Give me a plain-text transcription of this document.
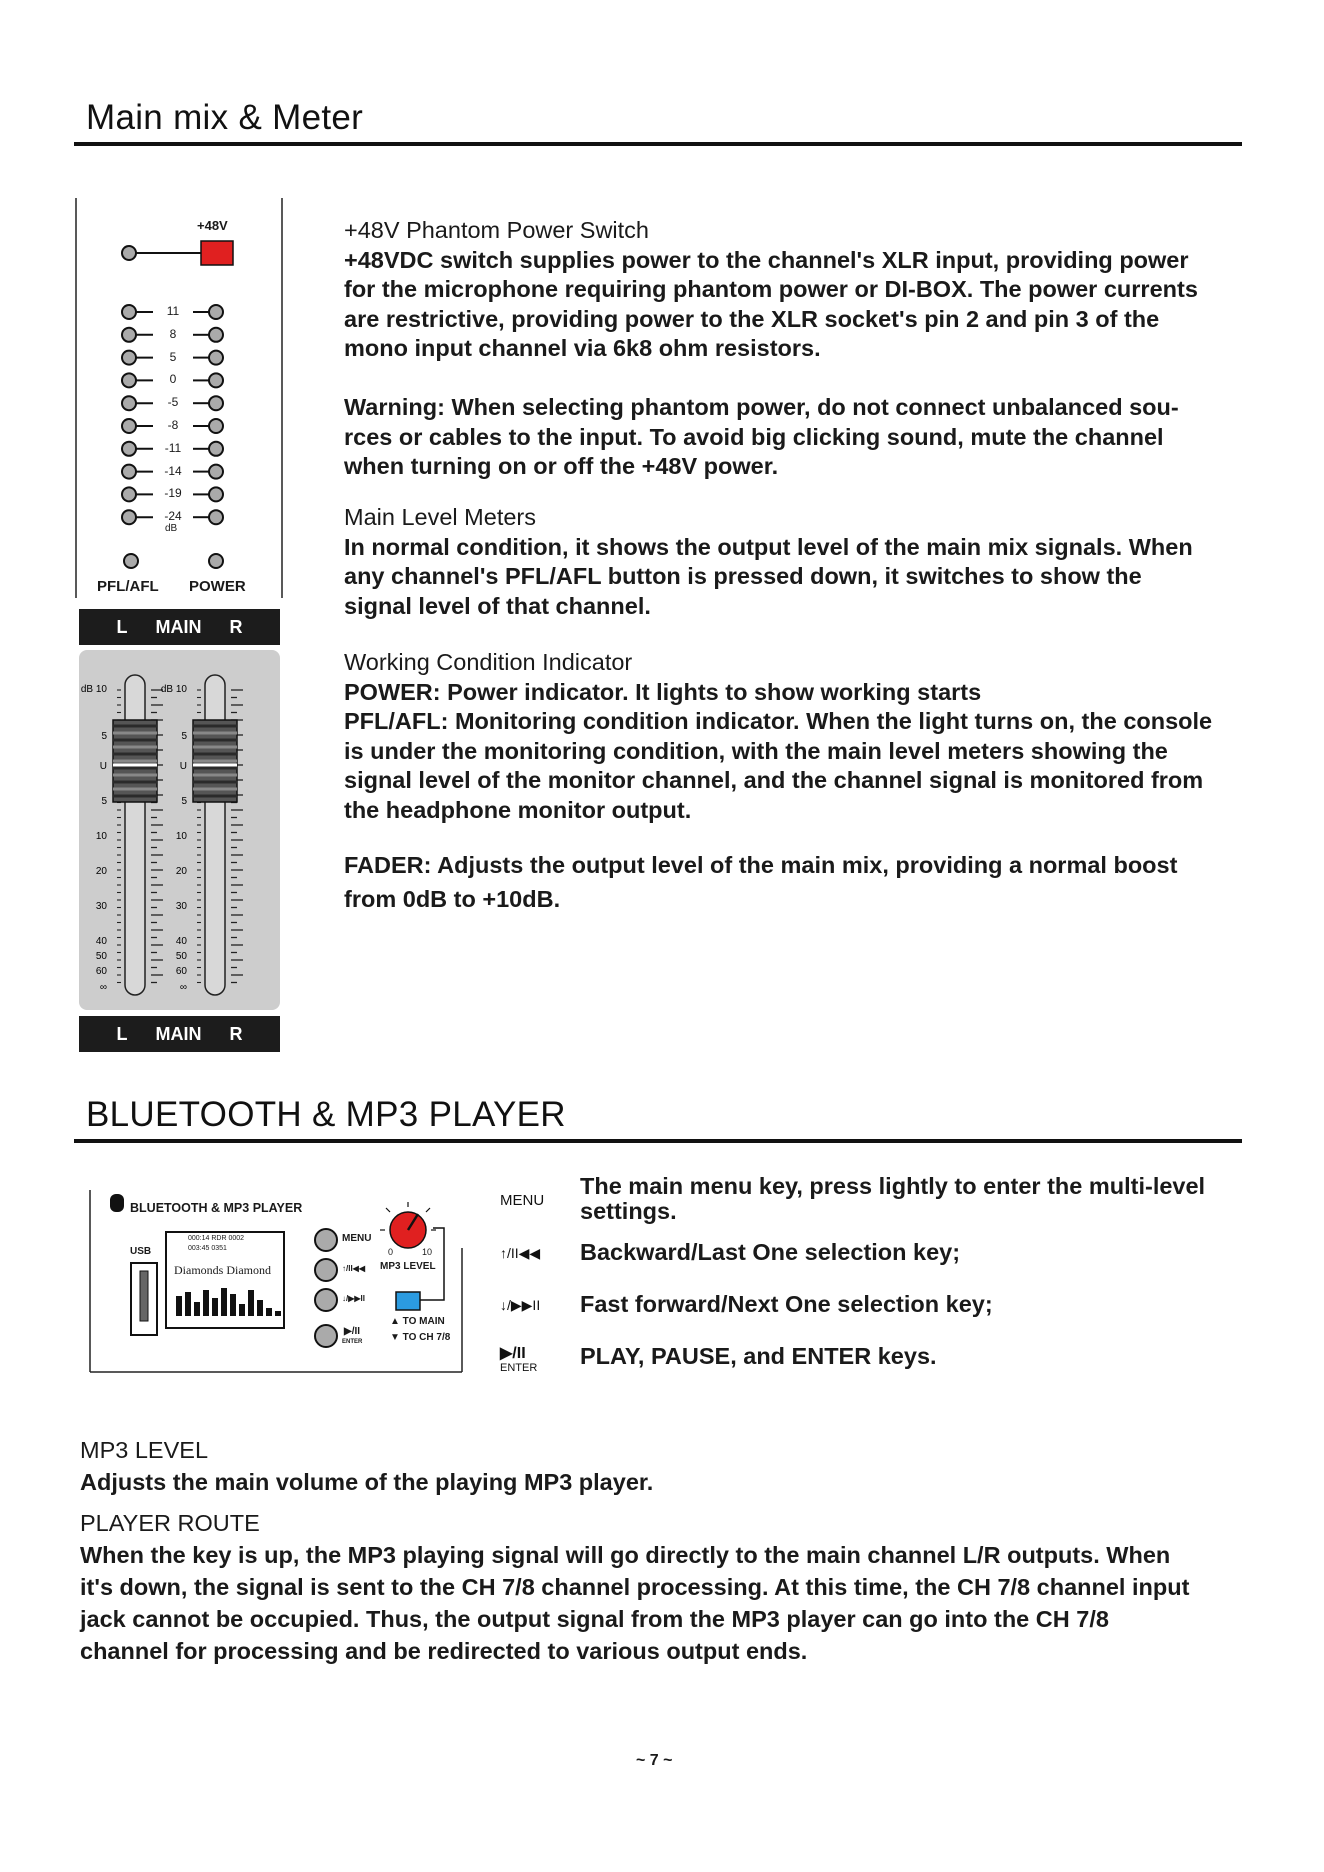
Main mix & Meter
+48V
dB
PFL/AFL POWER
11
8
5
0
-5
-8
-11
-14
-19
-24
L MAIN R
dB 10
5
U
5
10
20
30
40
50
60
∞
dB 10
5
U
5
10
20
30
40
50
60
∞
L MAIN R
+48V Phantom Power Switch
+48VDC switch supplies power to the channel's XLR input, providing power
for the microphone requiring phantom power or DI-BOX. The power currents
are restrictive, providing power to the XLR socket's pin 2 and pin 3 of the
mono input channel via 6k8 ohm resistors.
Warning: When selecting phantom power, do not connect unbalanced sou-
rces or cables to the input. To avoid big clicking sound, mute the channel
when turning on or off the +48V power.
Main Level Meters
In normal condition, it shows the output level of the main mix signals. When
any channel's PFL/AFL button is pressed down, it switches to show the
signal level of that channel.
Working Condition Indicator
POWER: Power indicator. It lights to show working starts
PFL/AFL: Monitoring condition indicator. When the light turns on, the console
is under the monitoring condition, with the main level meters showing the
signal level of the monitor channel, and the channel signal is monitored from
the headphone monitor output.
FADER: Adjusts the output level of the main mix, providing a normal boost
from 0dB to +10dB.
BLUETOOTH & MP3 PLAYER
BLUETOOTH & MP3 PLAYER
USB
000:14 RDR 0002
003:45 0351
Diamonds Diamond
MENU
↑/II◀◀
↓/▶▶II
▶/II
ENTER
0	10
MP3 LEVEL
▲ TO MAIN
▼ TO CH 7/8
MENU
The main menu key, press lightly to enter the multi-level
settings.
↑/II◀◀ Backward/Last One selection key;
↓/▶▶II Fast forward/Next One selection key;
▶/II
ENTER PLAY, PAUSE, and ENTER keys.
MP3 LEVEL
Adjusts the main volume of the playing MP3 player.
PLAYER ROUTE
When the key is up, the MP3 playing signal will go directly to the main channel L/R outputs. When
it's down, the signal is sent to the CH 7/8 channel processing. At this time, the CH 7/8 channel input
jack cannot be occupied. Thus, the output signal from the MP3 player can go into the CH 7/8
channel for processing and be redirected to various output ends.
~ 7 ~
